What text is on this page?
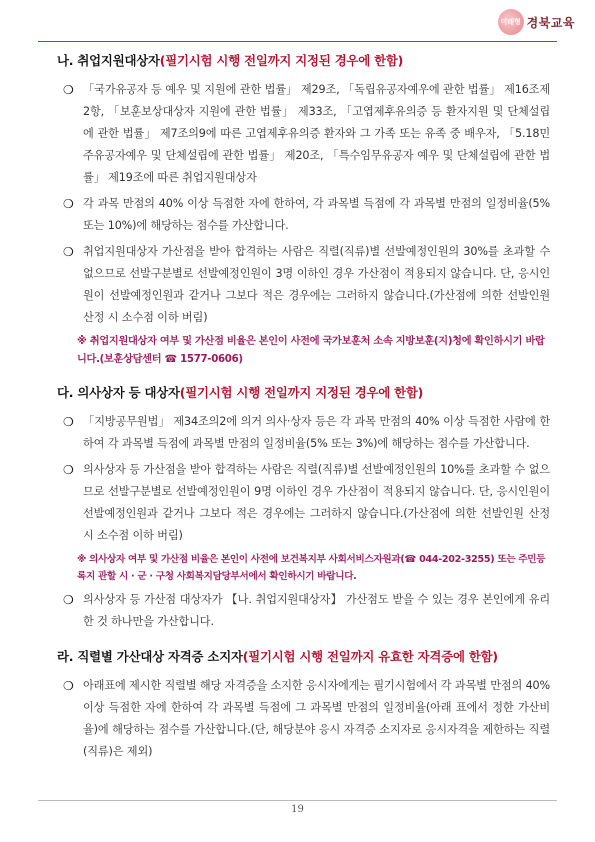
미래형 경북교육
나. 취업지원대상자(필기시험 시행 전일까지 지정된 경우에 한함)
❍ 「국가유공자 등 예우 및 지원에 관한 법률」 제29조, 「독립유공자예우에 관한 법률」 제16조제2항, 「보훈보상대상자 지원에 관한 법률」 제33조, 「고엽제후유의증 등 환자지원 및 단체설립에 관한 법률」 제7조의9에 따른 고엽제후유의증 환자와 그 가족 또는 유족 중 배우자, 「5.18민주유공자예우 및 단체설립에 관한 법률」 제20조, 「특수임무유공자 예우 및 단체설립에 관한 법률」 제19조에 따른 취업지원대상자
❍ 각 과목 만점의 40% 이상 득점한 자에 한하여, 각 과목별 득점에 각 과목별 만점의 일정비율(5% 또는 10%)에 해당하는 점수를 가산합니다.
❍ 취업지원대상자 가산점을 받아 합격하는 사람은 직렬(직류)별 선발예정인원의 30%를 초과할 수 없으므로 선발구분별로 선발예정인원이 3명 이하인 경우 가산점이 적용되지 않습니다. 단, 응시인원이 선발예정인원과 같거나 그보다 적은 경우에는 그러하지 않습니다.(가산점에 의한 선발인원 산정 시 소수점 이하 버림)
※ 취업지원대상자 여부 및 가산점 비율은 본인이 사전에 국가보훈처 소속 지방보훈(지)청에 확인하시기 바랍니다.(보훈상담센터 ☎ 1577-0606)
다. 의사상자 등 대상자(필기시험 시행 전일까지 지정된 경우에 한함)
❍ 「지방공무원법」 제34조의2에 의거 의사·상자 등은 각 과목 만점의 40% 이상 득점한 사람에 한하여 각 과목별 득점에 과목별 만점의 일정비율(5% 또는 3%)에 해당하는 점수를 가산합니다.
❍ 의사상자 등 가산점을 받아 합격하는 사람은 직렬(직류)별 선발예정인원의 10%를 초과할 수 없으므로 선발구분별로 선발예정인원이 9명 이하인 경우 가산점이 적용되지 않습니다. 단, 응시인원이 선발예정인원과 같거나 그보다 적은 경우에는 그러하지 않습니다.(가산점에 의한 선발인원 산정 시 소수점 이하 버림)
※ 의사상자 여부 및 가산점 비율은 본인이 사전에 보건복지부 사회서비스자원과(☎ 044-202-3255) 또는 주민등록지 관할 시 · 군 · 구청 사회복지담당부서에서 확인하시기 바랍니다.
❍ 의사상자 등 가산점 대상자가 【나. 취업지원대상자】 가산점도 받을 수 있는 경우 본인에게 유리한 것 하나만을 가산합니다.
라. 직렬별 가산대상 자격증 소지자(필기시험 시행 전일까지 유효한 자격증에 한함)
❍ 아래표에 제시한 직렬별 해당 자격증을 소지한 응시자에게는 필기시험에서 각 과목별 만점의 40% 이상 득점한 자에 한하여 각 과목별 득점에 그 과목별 만점의 일정비율(아래 표에서 정한 가산비율)에 해당하는 점수를 가산합니다.(단, 해당분야 응시 자격증 소지자로 응시자격을 제한하는 직렬(직류)은 제외)
19
